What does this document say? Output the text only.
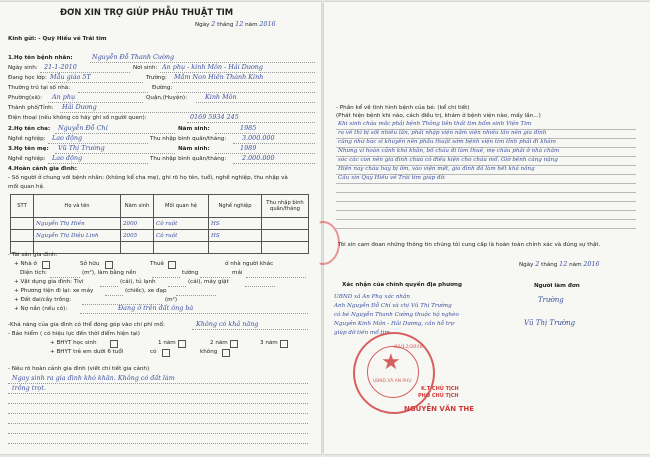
ĐƠN XIN TRỢ GIÚP PHẪU THUẬT TIM
Ngày 2 tháng 12 năm 2016
Kính gửi: - Quỹ Hiếu vẻ Trái tim
1.Họ tên bệnh nhân:	Nguyễn Đỗ Thanh Cường
Ngày sinh: 21-1-2010	Nơi sinh: An phụ - kinh Môn - Hải Dương
Đang học lớp: Mẫu giáo 5T	Trường: Mầm Non Hiến Thành Kinh
Thường trú tại số nhà:	Đường:
Phường(xã): An phụ	Quận,(Huyện):	Kinh Môn
Thành phố/Tỉnh: Hải Dương
Điện thoại (nếu không có hãy ghi số người quen):	0169 5934 245
2.Họ tên cha: Nguyễn Đỗ Chí	Năm sinh:	1985
Nghề nghiệp: Lao động	Thu nhập bình quân/tháng: 3.000.000
3.Họ tên mẹ: Vũ Thị Trường	Năm sinh:	1989
Nghề nghiệp: Lao động	Thu nhập bình quân/tháng: 2.000.000
4.Hoàn cảnh gia đình:
- Số người ở chung với bệnh nhân: (không kể cha mẹ), ghi rõ họ tên, tuổi, nghề nghiệp, thu nhập và
mối quan hệ.
STT	Họ và tên	Năm sinh	Mối quan hệ	Nghề nghiệp	Thu nhập bình quân/tháng
	Nguyễn Thị Hiền	2000	Cô ruột	HS	
	Nguyễn Thị Diệu Linh	2005	Cô ruột	HS	

- Tài sản gia đình:
+ Nhà ở	Sở hữu	Thuê	ở nhà người khác
Diện tích:	(m²), làm bằng nền	tường	mái
+ Vật dụng gia đình: Tivi	(cái), tủ lạnh	(cái), máy giặt
+ Phương tiện đi lại: xe máy	(chiếc), xe đạp
+ Đất đai/cây trồng:	(m²)
+ Nợ nần (nếu có):	Đang ở trên đất ông bà
-Khả năng của gia đình có thể đóng góp vào chi phí mổ:	Không có khả năng
- Bảo hiểm ( có hiệu lực đến thời điểm hiện tại)
+ BHYT học sinh	1 năm	2 năm	3 năm
+ BHYT trẻ em dưới 6 tuổi	có	không
- Nêu rõ hoàn cảnh gia đình (viết chi tiết gia cảnh)
Ngay sinh ra gia đình khó khăn. Không có đất làm
trồng trọt.
- Phần kể về tình hình bệnh của bé: (kể chi tiết)
(Phát hiện bệnh khi nào, cách điều trị, khám ở bệnh viện nào, mấy lần...)
Khi sinh cháu mắc phải bệnh Thông liên thất tim bẩm sinh Viện Tim
ra về thì bị sốt nhiều lần, phải nhập viện nằm viện nhiều lần nên gia đình
cũng như bác sĩ khuyên nên phẫu thuật sớm bệnh viện tim tỉnh phải đi khám
Nhưng vì hoàn cảnh khó khăn, bố cháu đi làm thuê, mẹ cháu phải ở nhà chăm
sóc các con nên gia đình chưa có điều kiện cho cháu mổ. Giờ bệnh càng nặng
Hiện nay cháu hay bị ốm, vào viện mệt, gia đình đã làm hết khả năng
Cầu xin Quỹ Hiếu vẻ Trái tim giúp đỡ.
Tôi xin cam đoan những thông tin chúng tôi cung cấp là hoàn toàn chính xác và đúng sự thật.
Ngày 2 tháng 12 năm 2016
Xác nhận của chính quyền địa phương	Người làm đơn
UBND xã An Phụ xác nhận
Anh Nguyễn Đỗ Chí và chị Vũ Thị Trường
có bé Nguyễn Thanh Cường thuộc hộ nghèo
Nguyên Kinh Môn - Hải Dương, cần hỗ trợ
giúp đỡ tiền mổ tim.
Trường
Vũ Thị Trường
02/12/2016
K.T CHỦ TỊCH
PHÓ CHỦ TỊCH
NGUYỄN VĂN THE
★
UBND XÃ AN PHỤ
